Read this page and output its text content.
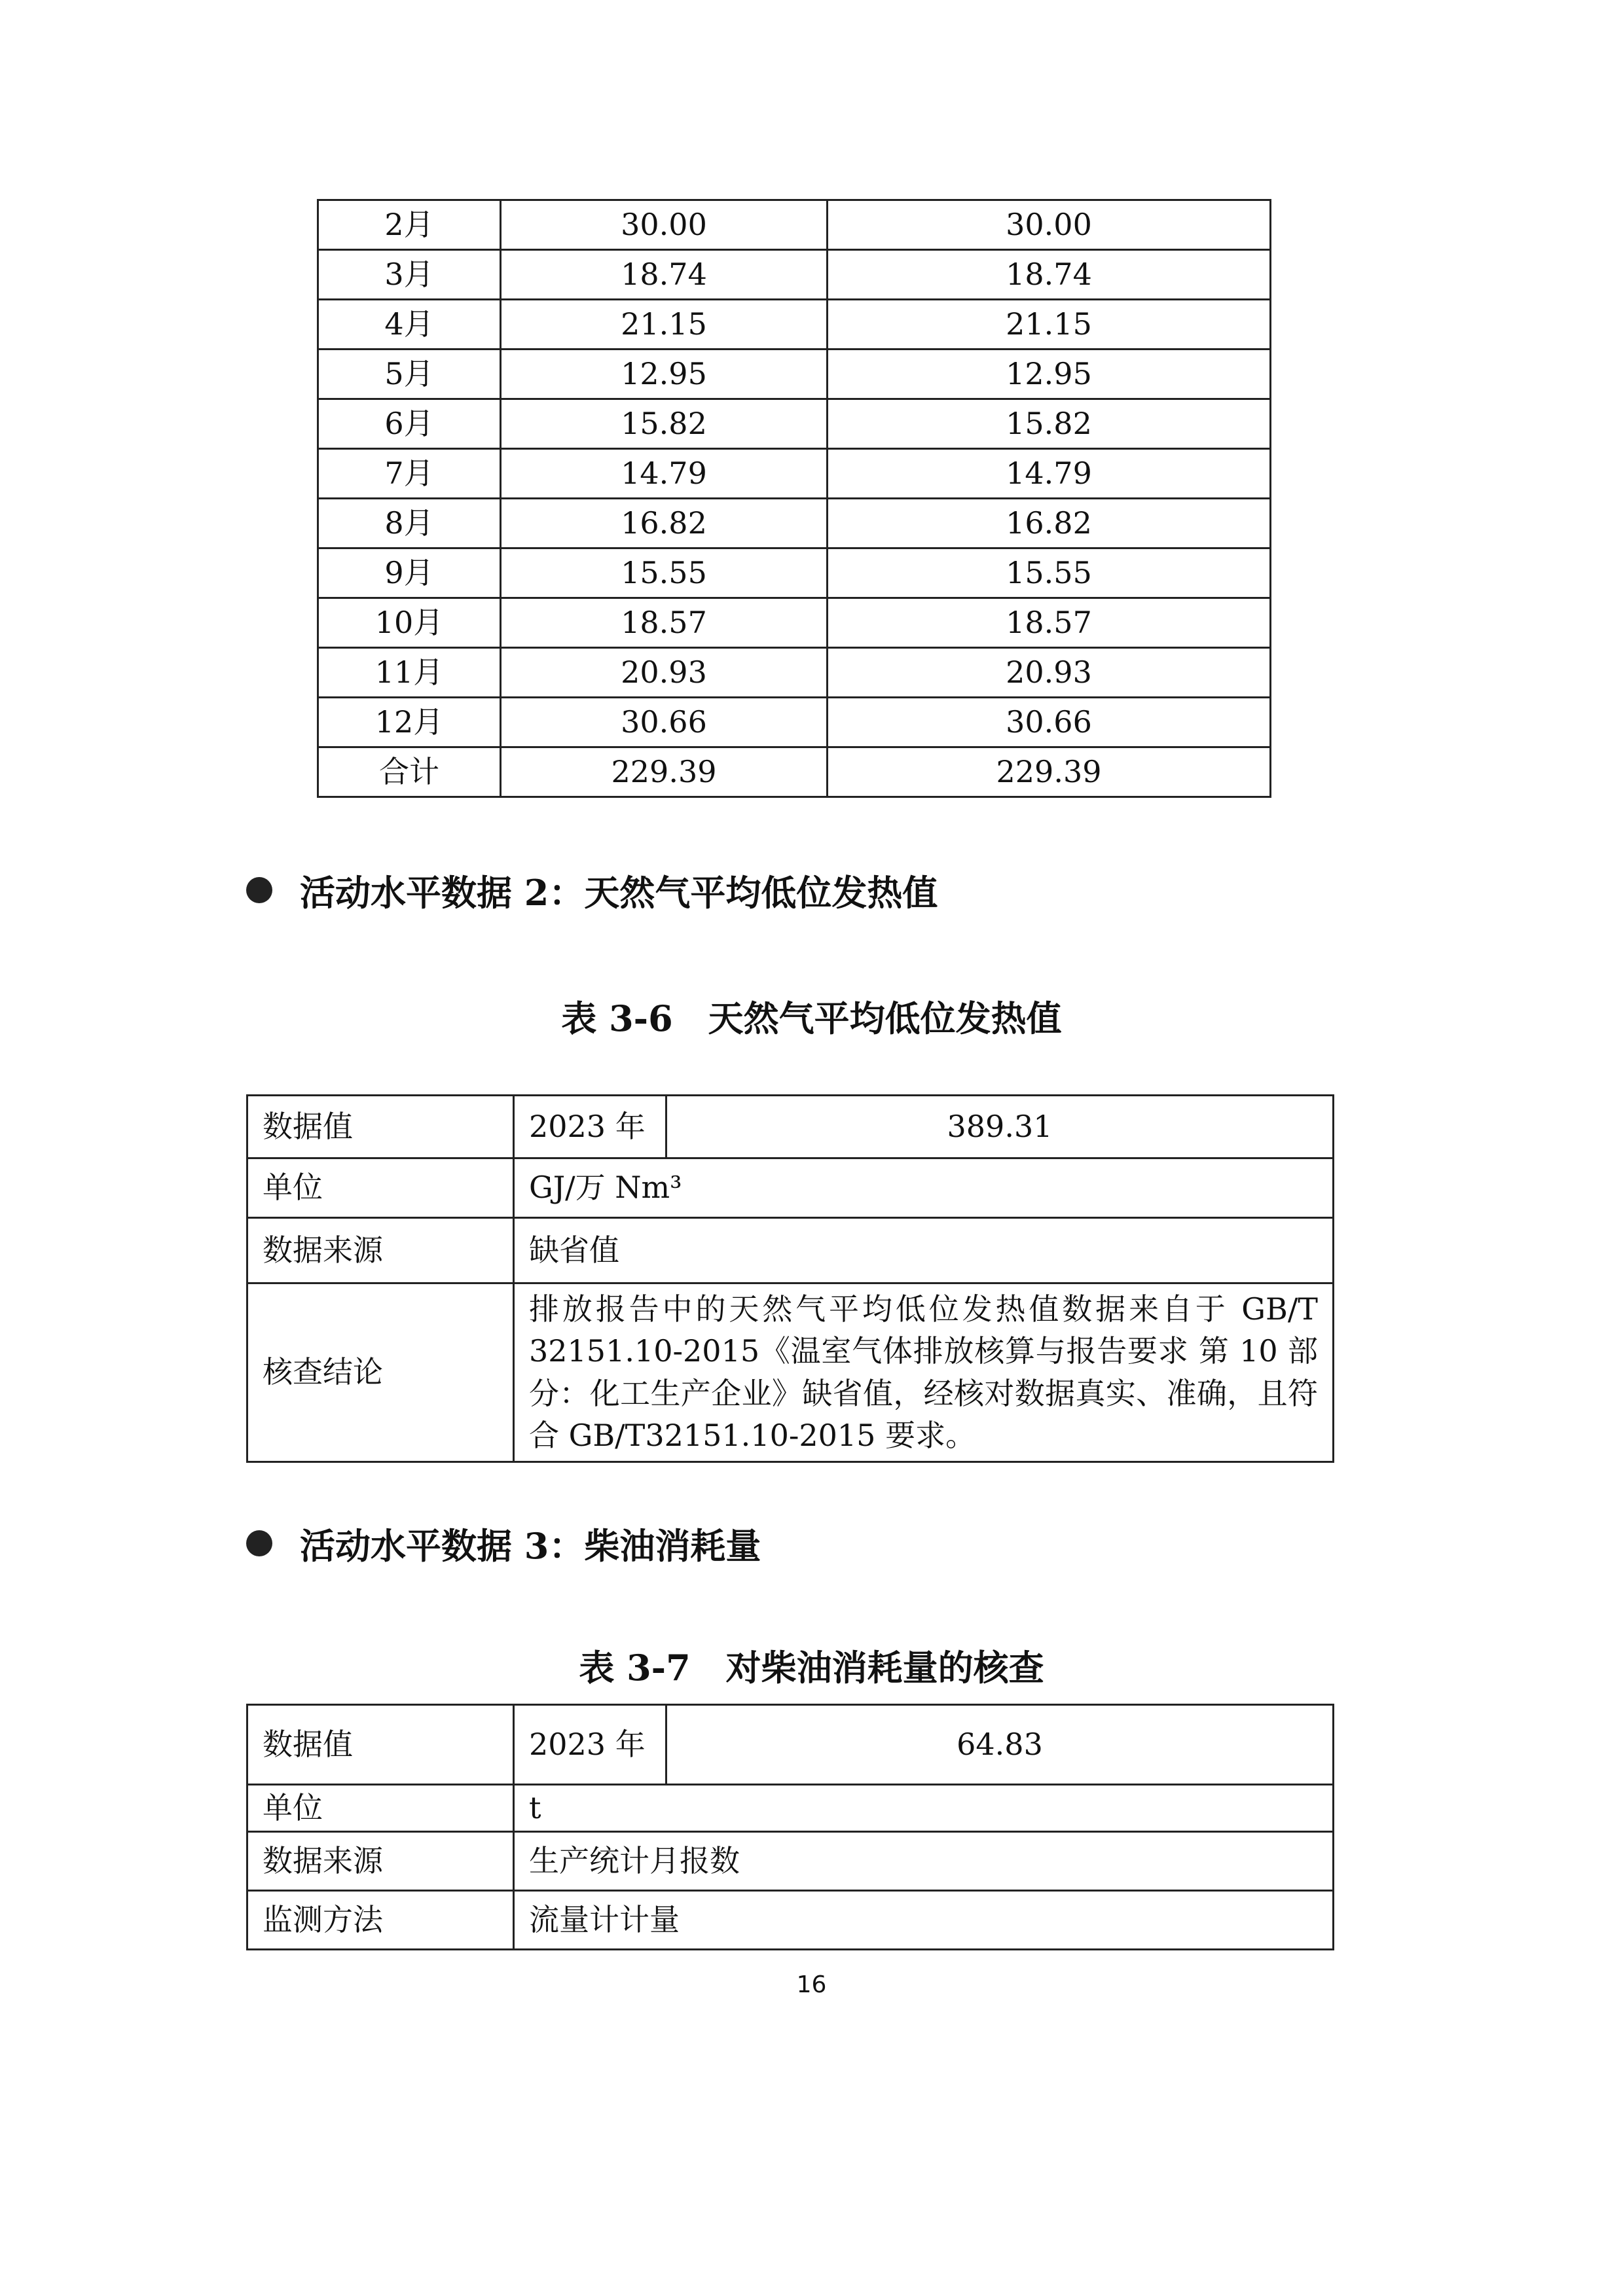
2月	30.00	30.00
3月	18.74	18.74
4月	21.15	21.15
5月	12.95	12.95
6月	15.82	15.82
7月	14.79	14.79
8月	16.82	16.82
9月	15.55	15.55
10月	18.57	18.57
11月	20.93	20.93
12月	30.66	30.66
合计	229.39	229.39
活动水平数据 2：天然气平均低位发热值
表 3-6　天然气平均低位发热值
数据值	2023 年	389.31
单位	GJ/万 Nm³	
数据来源	缺省值	
核查结论	排放报告中的天然气平均低位发热值数据来自于 GB/T 32151.10-2015《温室气体排放核算与报告要求 第 10 部分：化工生产企业》缺省值，经核对数据真实、准确，且符合 GB/T32151.10-2015 要求。	
活动水平数据 3：柴油消耗量
表 3-7　对柴油消耗量的核查
数据值	2023 年	64.83
单位	t	
数据来源	生产统计月报数	
监测方法	流量计计量	
16
